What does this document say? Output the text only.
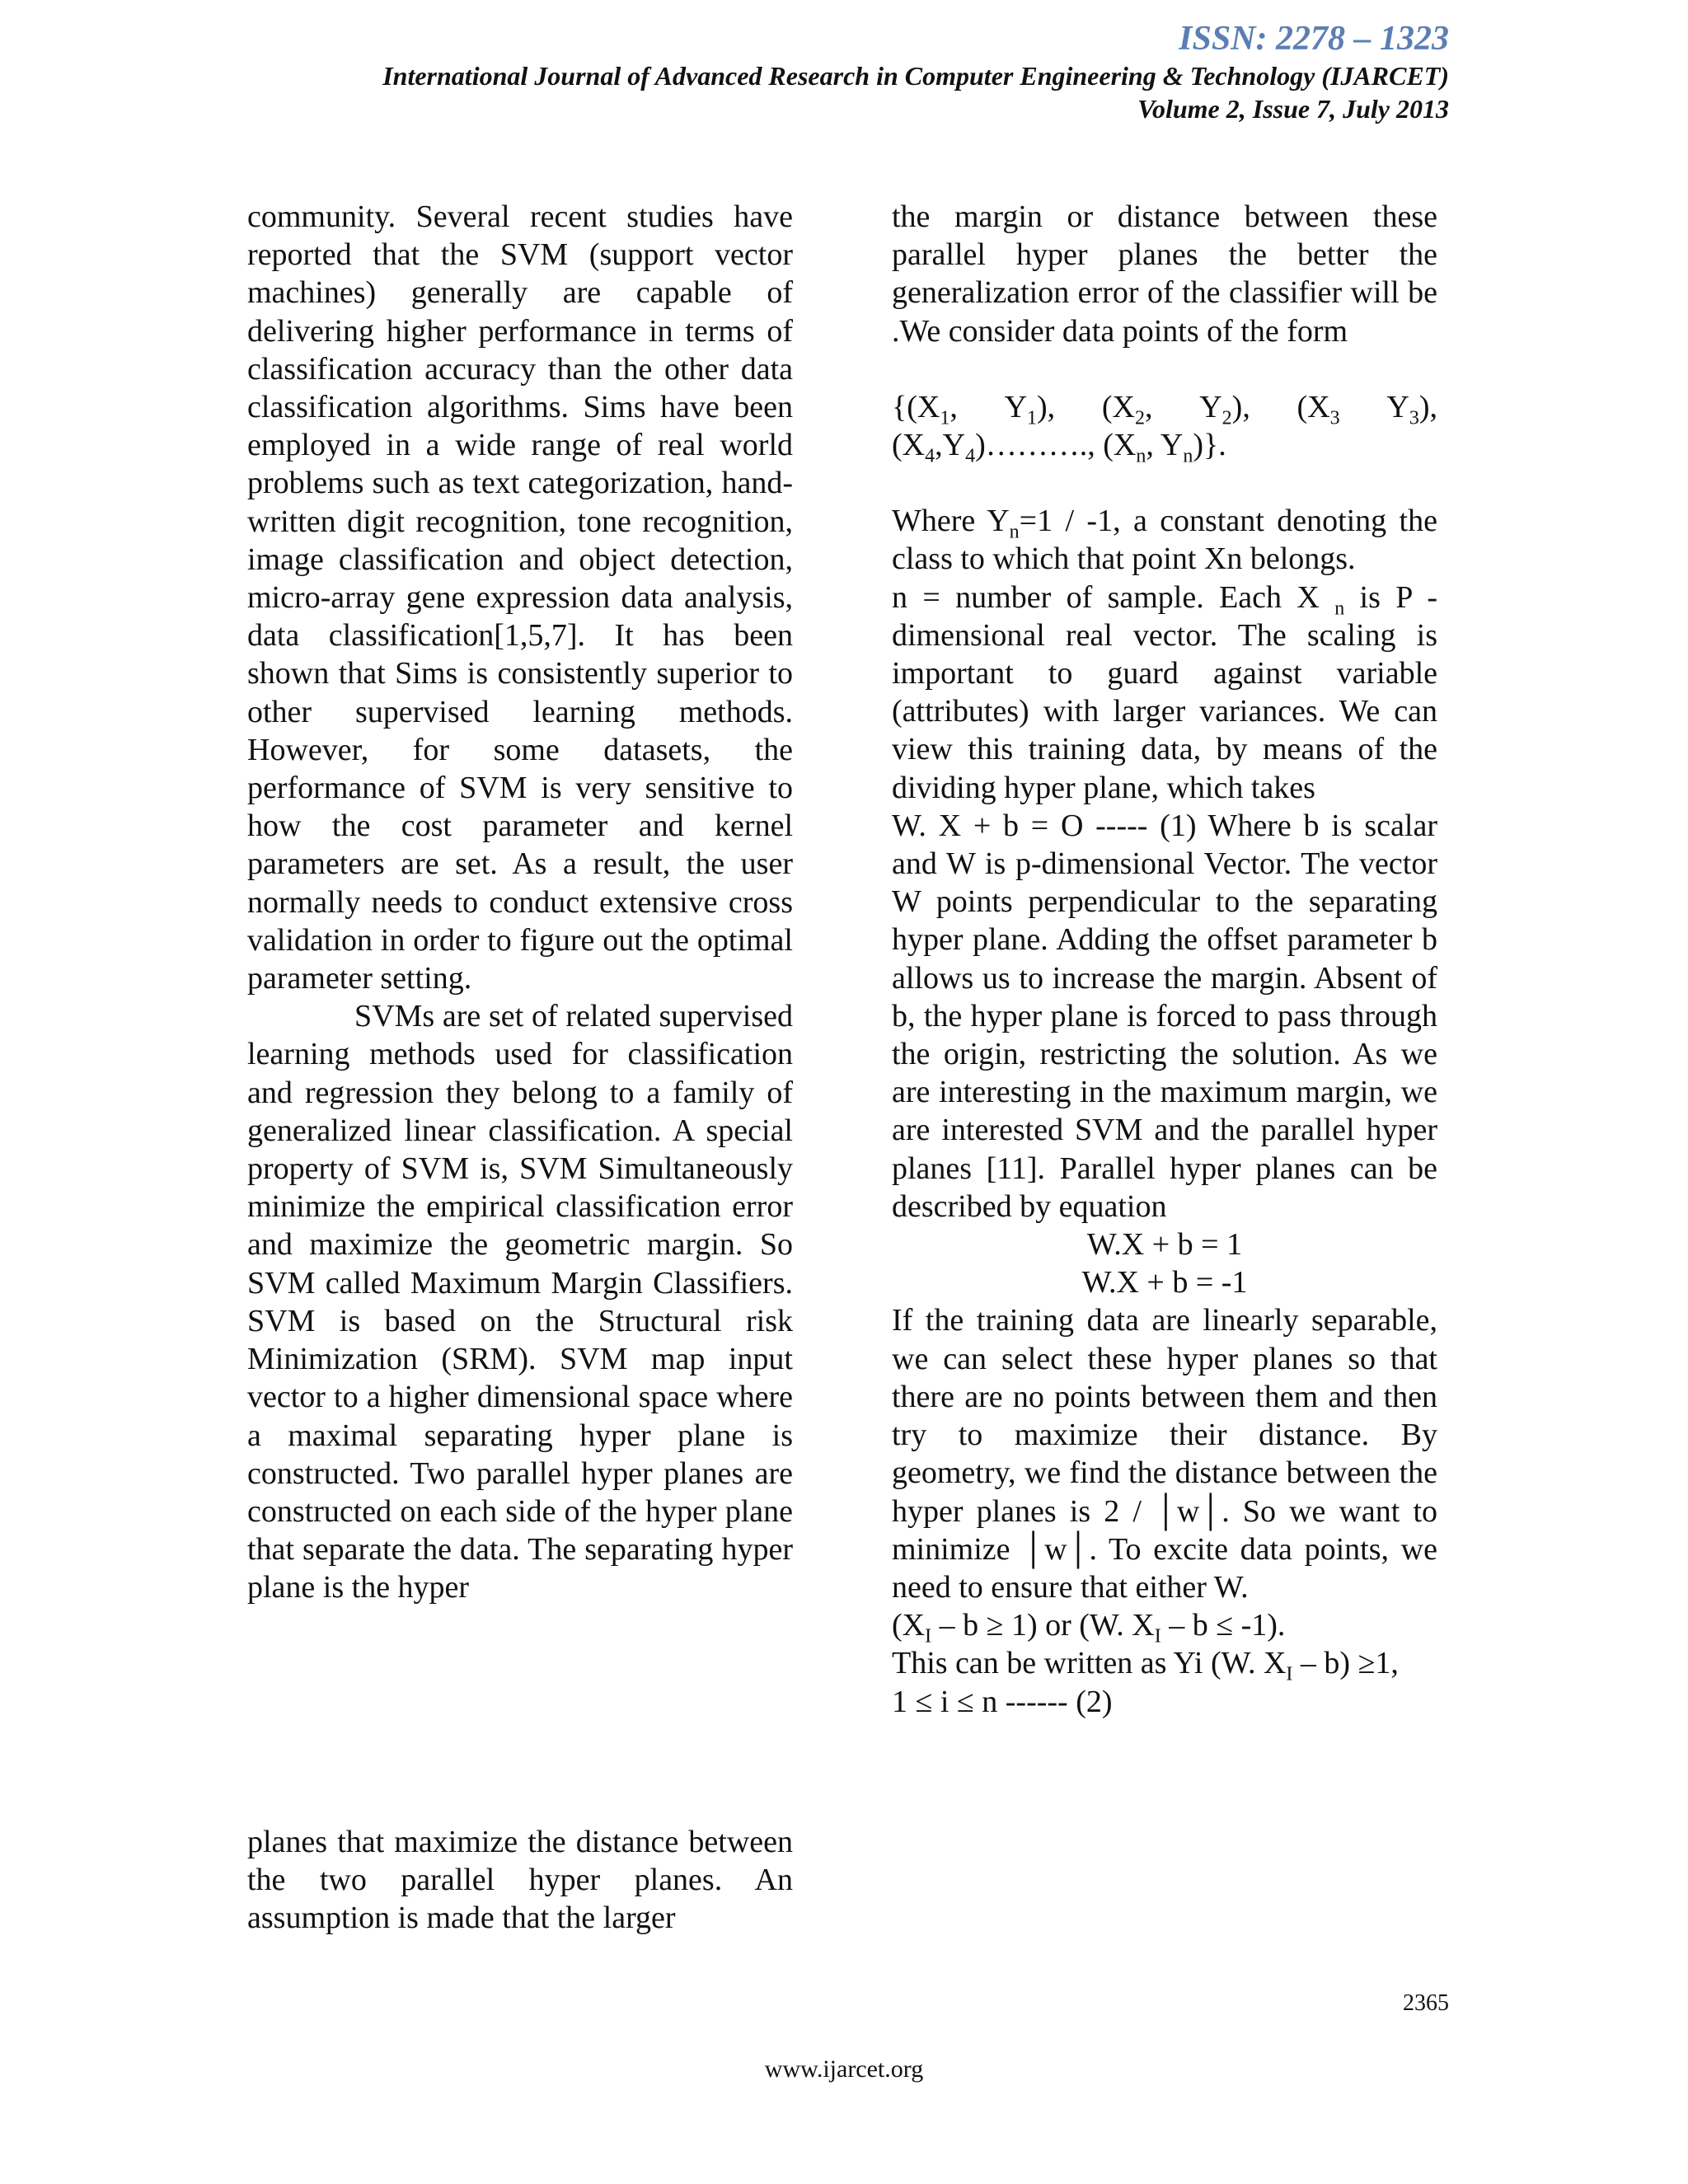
ISSN: 2278 – 1323
International Journal of Advanced Research in Computer Engineering & Technology (IJARCET)
Volume 2, Issue 7, July 2013

community. Several recent studies have reported that the SVM (support vector machines) generally are capable of delivering higher performance in terms of classification accuracy than the other data classification algorithms. Sims have been employed in a wide range of real world problems such as text categorization, hand-written digit recognition, tone recognition, image classification and object detection, micro-array gene expression data analysis, data classification[1,5,7]. It has been shown that Sims is consistently superior to other supervised learning methods. However, for some datasets, the performance of SVM is very sensitive to how the cost parameter and kernel parameters are set. As a result, the user normally needs to conduct extensive cross validation in order to figure out the optimal parameter setting.

SVMs are set of related supervised learning methods used for classification and regression they belong to a family of generalized linear classification. A special property of SVM is, SVM Simultaneously minimize the empirical classification error and maximize the geometric margin. So SVM called Maximum Margin Classifiers. SVM is based on the Structural risk Minimization (SRM). SVM map input vector to a higher dimensional space where a maximal separating hyper plane is constructed. Two parallel hyper planes are constructed on each side of the hyper plane that separate the data. The separating hyper plane is the hyper

the margin or distance between these parallel hyper planes the better the generalization error of the classifier will be .We consider data points of the form

{($X_1$, $Y_1$), ($X_2$, $Y_2$), ($X_3$ $Y_3$),
$(X_4,Y_4)\dots\dots\dots$., ($X_n$, $Y_n$)}.

Where $Y_n=1 / -1$, a constant denoting the class to which that point Xn belongs.

n = number of sample. Each X $_n$ is P - dimensional real vector. The scaling is important to guard against variable (attributes) with larger variances. We can view this training data, by means of the dividing hyper plane, which takes

W. X + b = O ----- (1) Where b is scalar and W is p-dimensional Vector. The vector W points perpendicular to the separating hyper plane. Adding the offset parameter b allows us to increase the margin. Absent of b, the hyper plane is forced to pass through the origin, restricting the solution. As we are interesting in the maximum margin, we are interested SVM and the parallel hyper planes [11]. Parallel hyper planes can be described by equation

W.X + b = 1

W.X + b = -1

If the training data are linearly separable, we can select these hyper planes so that there are no points between them and then try to maximize their distance. By geometry, we find the distance between the hyper planes is 2 / │w│. So we want to minimize │w│. To excite data points, we need to ensure that either W.

$(X_I - b \ge 1)$ or (W. $X_I - b \le -1$).

This can be written as Yi (W. $X_I - b) \ge 1$,

1 ≤ i ≤ n ------ (2)

planes that maximize the distance between the two parallel hyper planes. An assumption is made that the larger

2365
www.ijarcet.org
